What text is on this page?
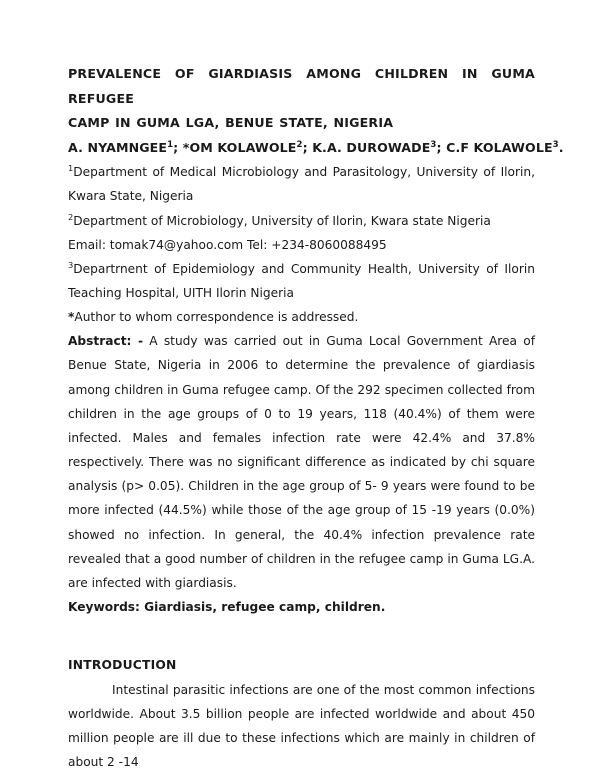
PREVALENCE OF GIARDIASIS AMONG CHILDREN IN GUMA REFUGEE
CAMP IN GUMA LGA, BENUE STATE, NIGERIA
A. NYAMNGEE$^1$; *OM KOLAWOLE$^2$; K.A. DUROWADE$^3$; C.F KOLAWOLE$^3$.
$^1$Department of Medical Microbiology and Parasitology, University of Ilorin, Kwara State, Nigeria
$^2$Department of Microbiology, University of Ilorin, Kwara state Nigeria
Email: tomak74@yahoo.com Tel: +234-8060088495
$^3$Departrnent of Epidemiology and Community Health, University of Ilorin Teaching Hospital, UITH Ilorin Nigeria
*Author to whom correspondence is addressed.
Abstract: - A study was carried out in Guma Local Government Area of Benue State, Nigeria in 2006 to determine the prevalence of giardiasis among children in Guma refugee camp. Of the 292 specimen collected from children in the age groups of 0 to 19 years, 118 (40.4%) of them were infected. Males and females infection rate were 42.4% and 37.8% respectively. There was no significant difference as indicated by chi square analysis (p> 0.05). Children in the age group of 5- 9 years were found to be more infected (44.5%) while those of the age group of 15 -19 years (0.0%) showed no infection. In general, the 40.4% infection prevalence rate revealed that a good number of children in the refugee camp in Guma LG.A. are infected with giardiasis.
Keywords: Giardiasis, refugee camp, children.
INTRODUCTION
Intestinal parasitic infections are one of the most common infections worldwide. About 3.5 billion people are infected worldwide and about 450 million people are ill due to these infections which are mainly in children of about 2 -14
